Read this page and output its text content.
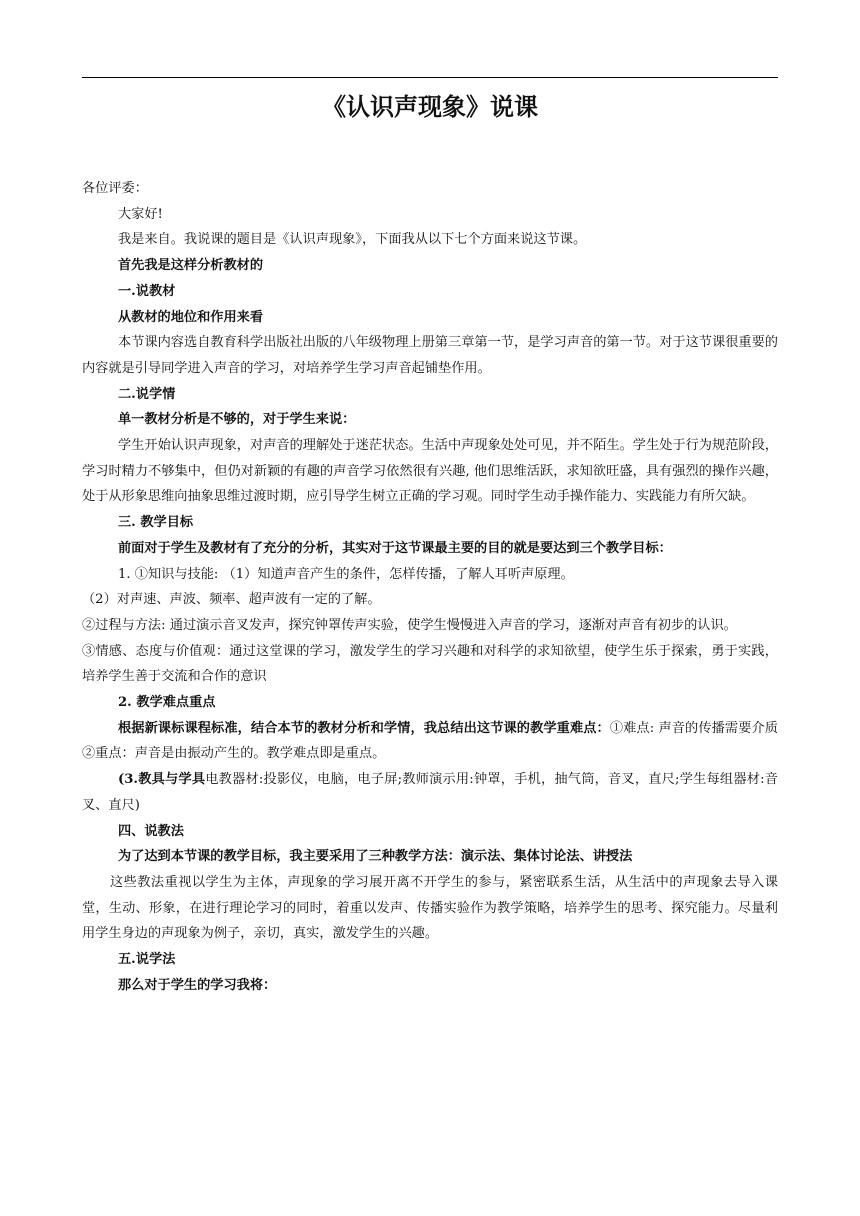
《认识声现象》说课

各位评委：

大家好!

我是来自。我说课的题目是《认识声现象》，下面我从以下七个方面来说这节课。

首先我是这样分析教材的

一.说教材

从教材的地位和作用来看

本节课内容选自教育科学出版社出版的八年级物理上册第三章第一节，是学习声音的第一节。对于这节课很重要的内容就是引导同学进入声音的学习，对培养学生学习声音起铺垫作用。

二.说学情

单一教材分析是不够的，对于学生来说：

学生开始认识声现象，对声音的理解处于迷茫状态。生活中声现象处处可见，并不陌生。学生处于行为规范阶段，学习时精力不够集中，但仍对新颖的有趣的声音学习依然很有兴趣, 他们思维活跃，求知欲旺盛，具有强烈的操作兴趣，处于从形象思维向抽象思维过渡时期，应引导学生树立正确的学习观。同时学生动手操作能力、实践能力有所欠缺。

三. 教学目标

前面对于学生及教材有了充分的分析，其实对于这节课最主要的目的就是要达到三个教学目标：

1. ①知识与技能: （1）知道声音产生的条件，怎样传播，了解人耳听声原理。

（2）对声速、声波、频率、超声波有一定的了解。

②过程与方法: 通过演示音叉发声，探究钟罩传声实验，使学生慢慢进入声音的学习，逐渐对声音有初步的认识。

③情感、态度与价值观：通过这堂课的学习，激发学生的学习兴趣和对科学的求知欲望，使学生乐于探索，勇于实践，培养学生善于交流和合作的意识

2. 教学难点重点

根据新课标课程标准，结合本节的教材分析和学情，我总结出这节课的教学重难点：①难点: 声音的传播需要介质②重点：声音是由振动产生的。教学难点即是重点。

(3.教具与学具电教器材:投影仪，电脑，电子屏;教师演示用:钟罩，手机，抽气筒，音叉，直尺;学生每组器材:音叉、直尺)

四、说教法

为了达到本节课的教学目标，我主要采用了三种教学方法：演示法、集体讨论法、讲授法

这些教法重视以学生为主体，声现象的学习展开离不开学生的参与，紧密联系生活，从生活中的声现象去导入课堂，生动、形象，在进行理论学习的同时，着重以发声、传播实验作为教学策略，培养学生的思考、探究能力。尽量利用学生身边的声现象为例子，亲切，真实，激发学生的兴趣。

五.说学法

那么对于学生的学习我将：
